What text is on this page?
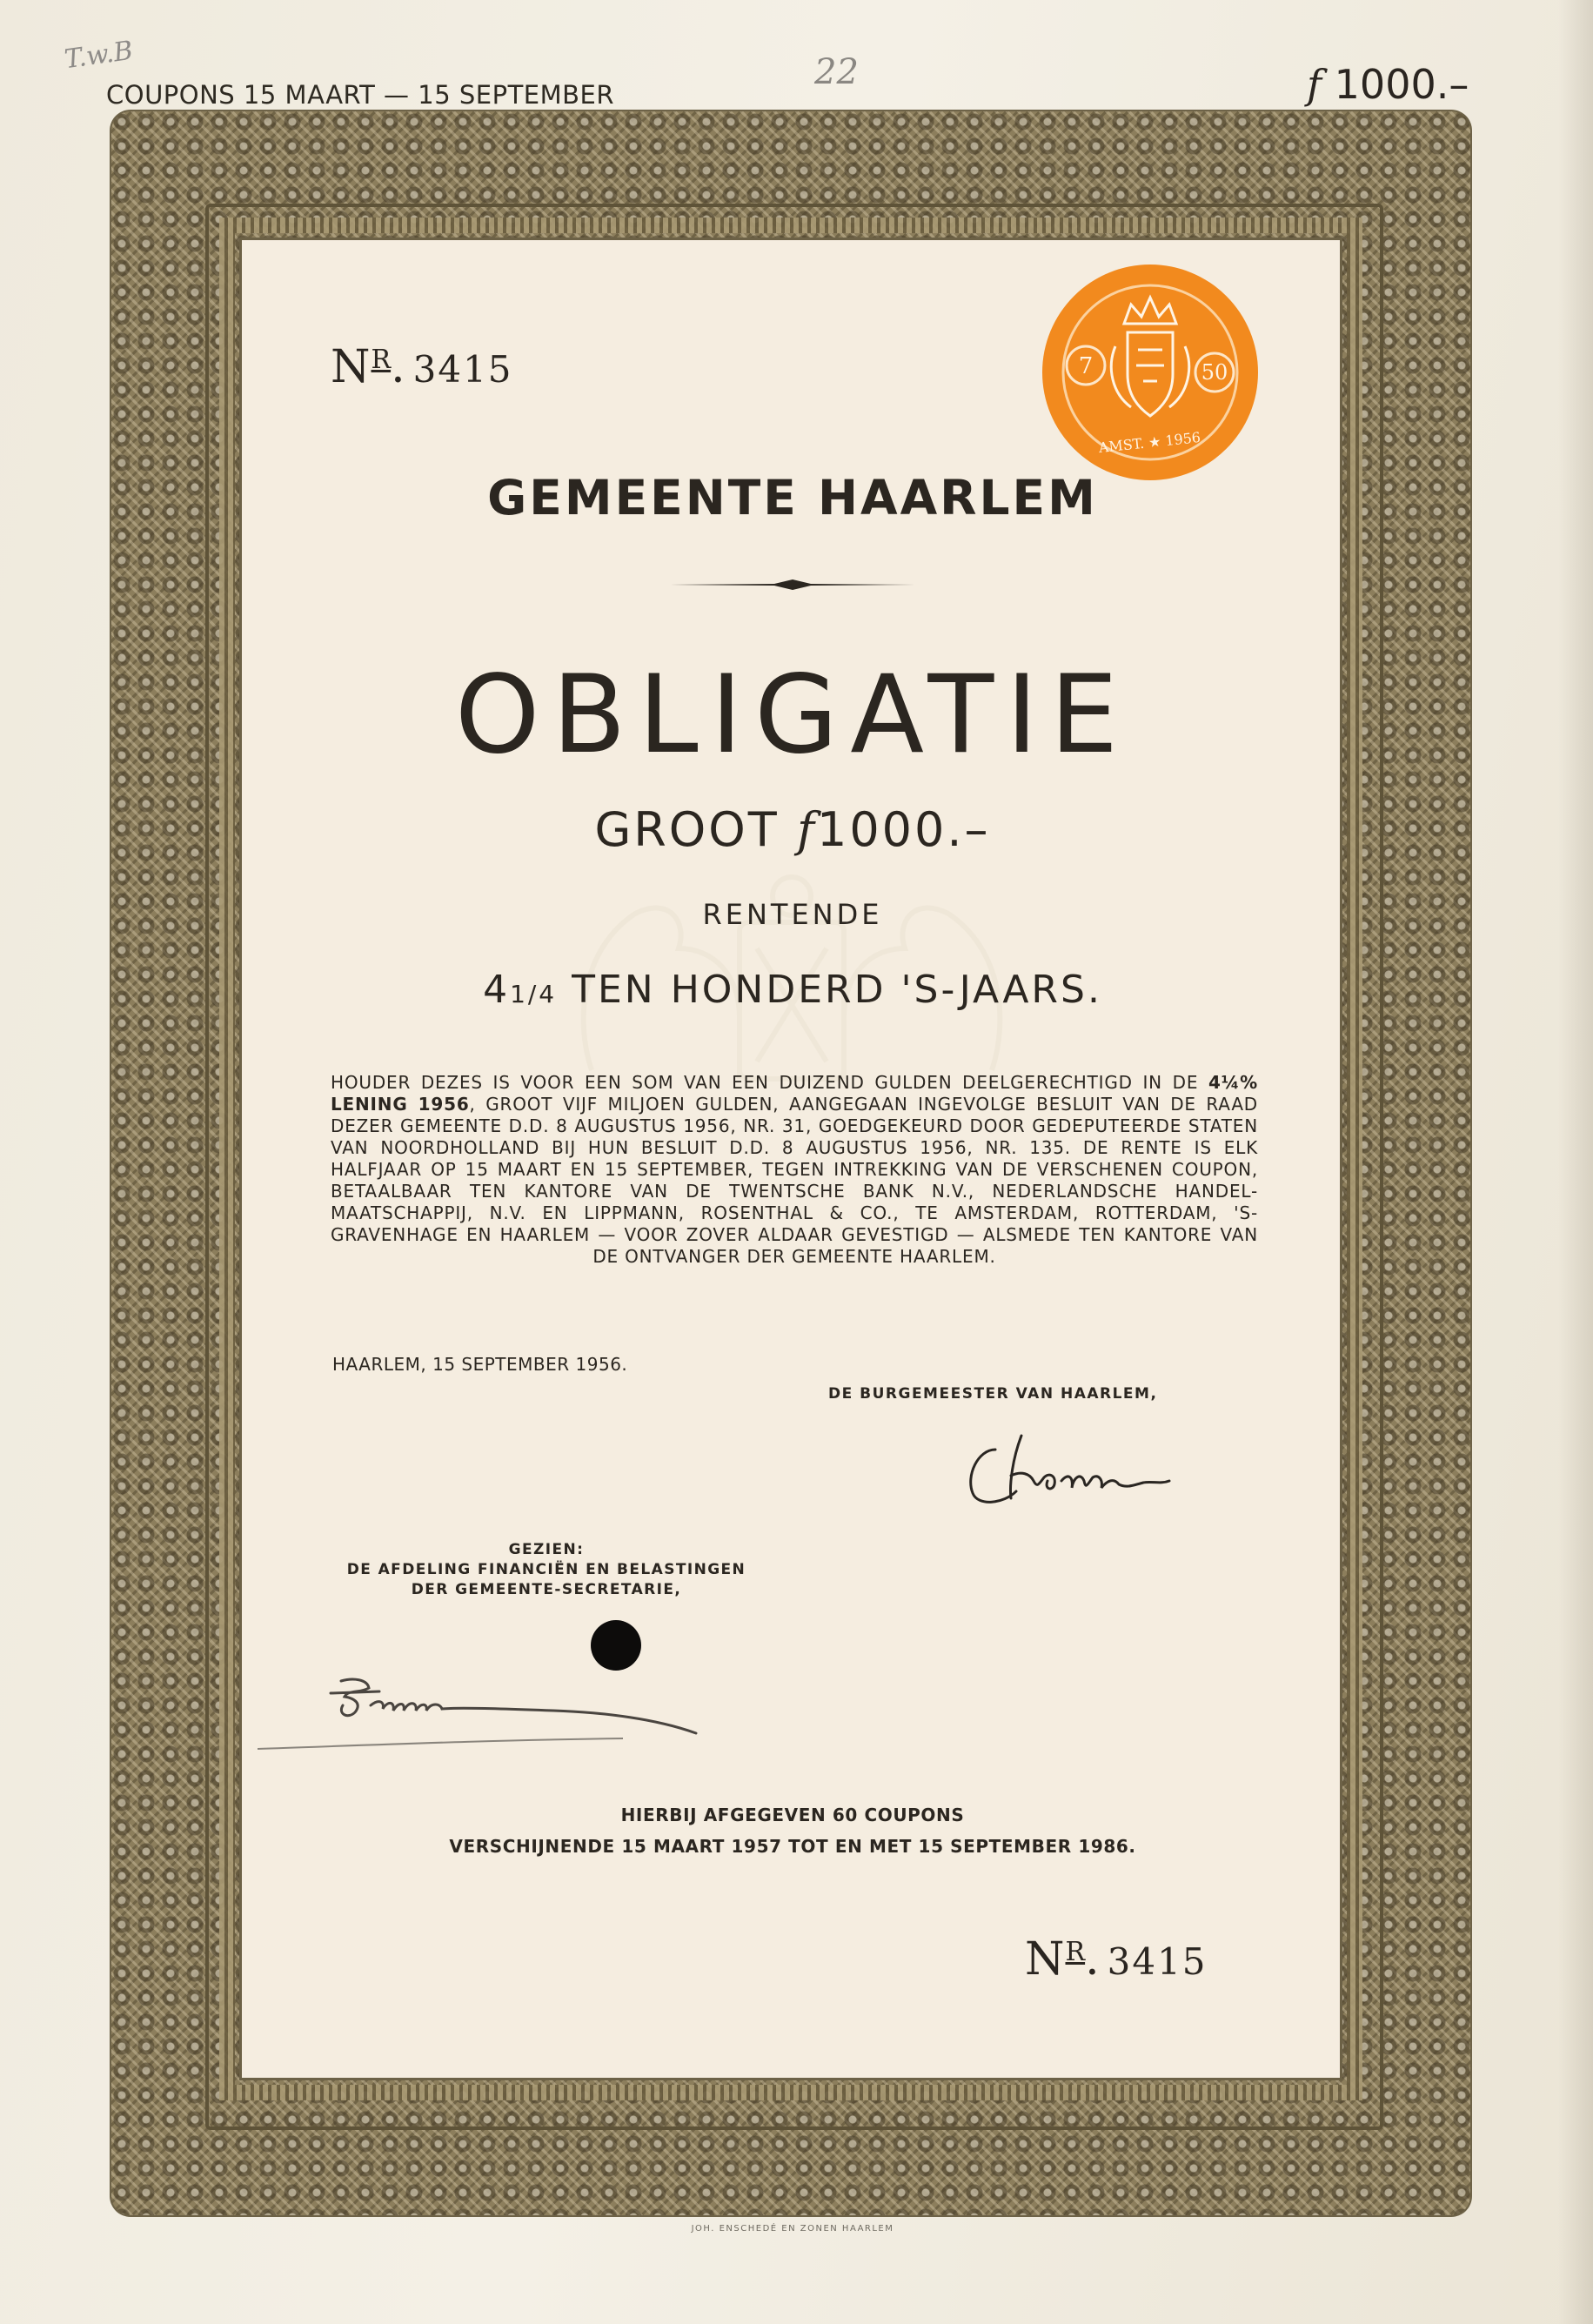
T.w.B	22
COUPONS 15 MAART — 15 SEPTEMBER	f 1000.–
NR. 3415	7	50
AMST. ★ 1956
GEMEENTE HAARLEM
OBLIGATIE
GROOT f1000.–
RENTENDE
41/4 TEN HONDERD 'S-JAARS.
HOUDER DEZES IS VOOR EEN SOM VAN EEN DUIZEND GULDEN DEELGERECHTIGD IN DE 4¼% LENING 1956, GROOT VIJF MILJOEN GULDEN, AANGEGAAN INGEVOLGE BESLUIT VAN DE RAAD DEZER GEMEENTE D.D. 8 AUGUSTUS 1956, NR. 31, GOEDGEKEURD DOOR GEDEPUTEERDE STATEN VAN NOORDHOLLAND BIJ HUN BESLUIT D.D. 8 AUGUSTUS 1956, NR. 135. DE RENTE IS ELK HALFJAAR OP 15 MAART EN 15 SEPTEMBER, TEGEN INTREKKING VAN DE VERSCHENEN COUPON, BETAALBAAR TEN KANTORE VAN DE TWENTSCHE BANK N.V., NEDERLANDSCHE HANDEL-MAATSCHAPPIJ, N.V. EN LIPPMANN, ROSENTHAL & CO., TE AMSTERDAM, ROTTERDAM, 'S-GRAVENHAGE EN HAARLEM — VOOR ZOVER ALDAAR GEVESTIGD — ALSMEDE TEN KANTORE VAN DE ONTVANGER DER GEMEENTE HAARLEM.
HAARLEM, 15 SEPTEMBER 1956.
DE BURGEMEESTER VAN HAARLEM,
GEZIEN:
DE AFDELING FINANCIËN EN BELASTINGEN
DER GEMEENTE-SECRETARIE,
HIERBIJ AFGEGEVEN 60 COUPONS
VERSCHIJNENDE 15 MAART 1957 TOT EN MET 15 SEPTEMBER 1986.
NR. 3415
JOH. ENSCHEDÉ EN ZONEN HAARLEM
